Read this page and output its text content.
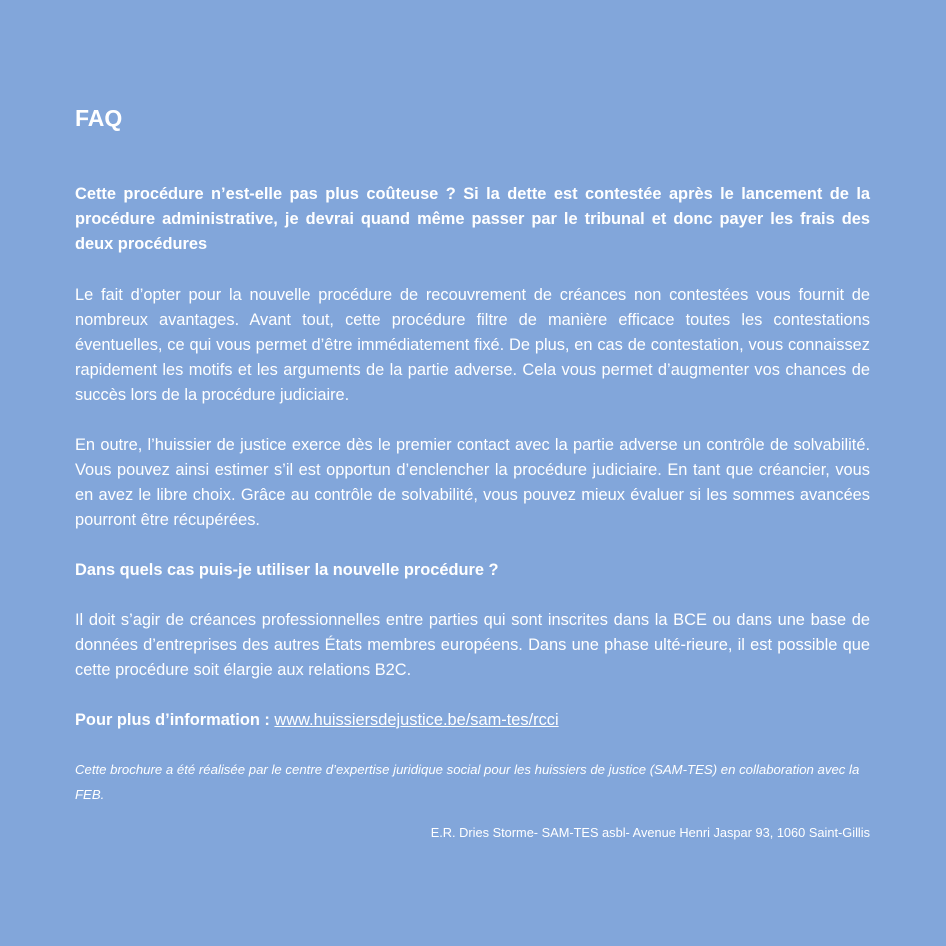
FAQ

Cette procédure n’est-elle pas plus coûteuse ? Si la dette est contestée après le lancement de la procédure administrative, je devrai quand même passer par le tribunal et donc payer les frais des deux procédures

Le fait d’opter pour la nouvelle procédure de recouvrement de créances non contestées vous fournit de nombreux avantages. Avant tout, cette procédure filtre de manière efficace toutes les contestations éventuelles, ce qui vous permet d’être immédiatement fixé. De plus, en cas de contestation, vous connaissez rapidement les motifs et les arguments de la partie adverse. Cela vous permet d’augmenter vos chances de succès lors de la procédure judiciaire.

En outre, l’huissier de justice exerce dès le premier contact avec la partie adverse un contrôle de solvabilité. Vous pouvez ainsi estimer s’il est opportun d’enclencher la procédure judiciaire. En tant que créancier, vous en avez le libre choix. Grâce au contrôle de solvabilité, vous pouvez mieux évaluer si les sommes avancées pourront être récupérées.

Dans quels cas puis-je utiliser la nouvelle procédure ?

Il doit s’agir de créances professionnelles entre parties qui sont inscrites dans la BCE ou dans une base de données d’entreprises des autres États membres européens. Dans une phase ulté-rieure, il est possible que cette procédure soit élargie aux relations B2C.

Pour plus d’information : www.huissiersdejustice.be/sam-tes/rcci

Cette brochure a été réalisée par le centre d’expertise juridique social pour les huissiers de justice (SAM-TES) en collaboration avec la FEB.

E.R. Dries Storme- SAM-TES asbl- Avenue Henri Jaspar 93, 1060 Saint-Gillis
